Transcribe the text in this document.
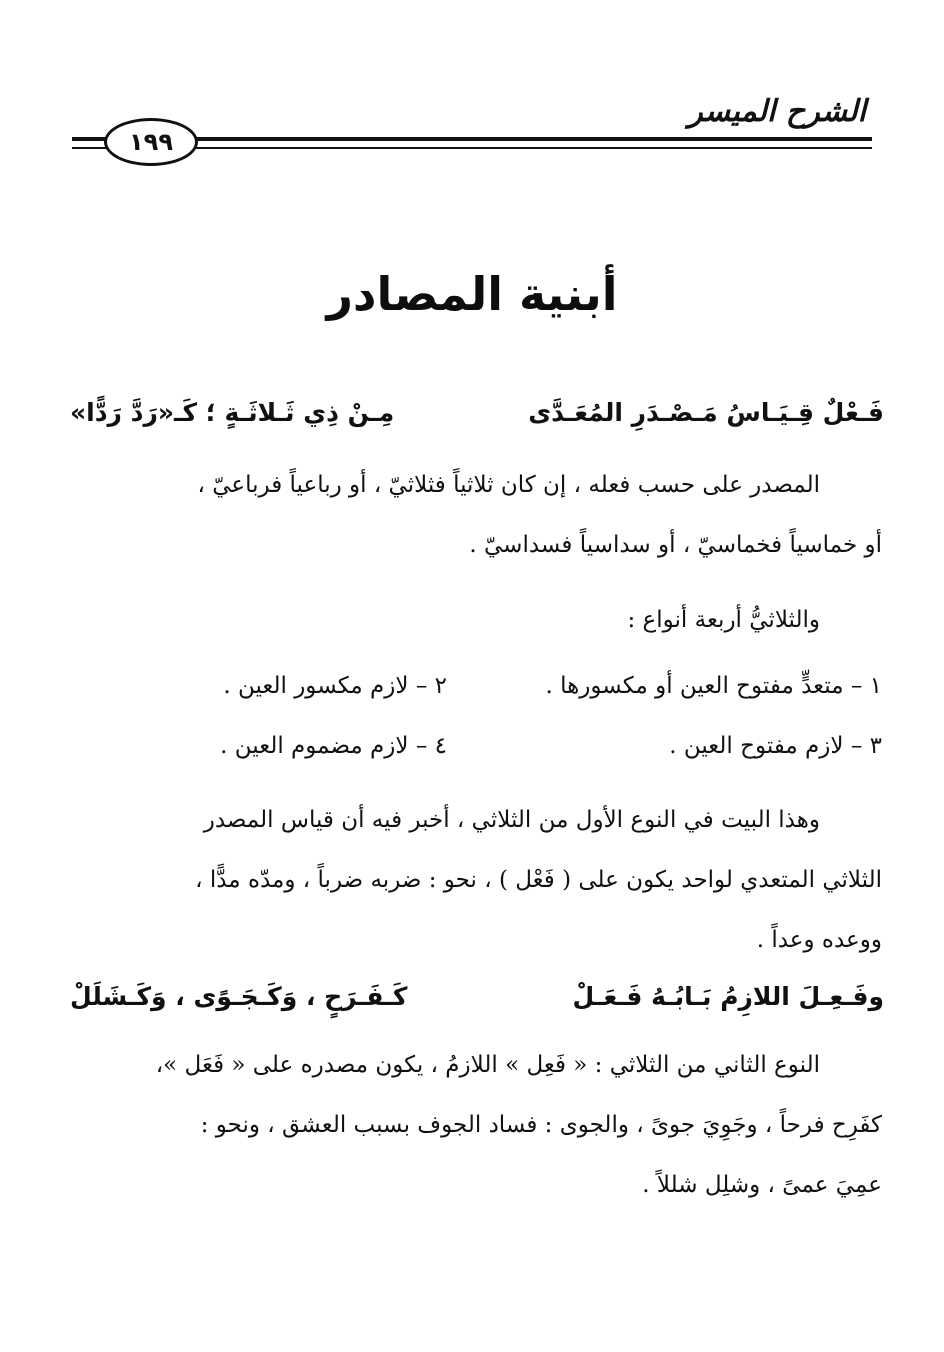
الشرح الميسر
١٩٩
أبنية المصادر
فَـعْلٌ قِـيَـاسُ مَـصْـدَرِ المُعَـدَّى
مِـنْ ذِي ثَـلاثَـةٍ ؛ كَـ«رَدَّ رَدًّا»
المصدر على حسب فعله ، إن كان ثلاثياً فثلاثيّ ، أو رباعياً فرباعيّ ،
أو خماسياً فخماسيّ ، أو سداسياً فسداسيّ .
والثلاثيُّ أربعة أنواع :
١ – متعدٍّ مفتوح العين أو مكسورها .
٢ – لازم مكسور العين .
٣ – لازم مفتوح العين .
٤ – لازم مضموم العين .
وهذا البيت في النوع الأول من الثلاثي ، أخبر فيه أن قياس المصدر
الثلاثي المتعدي لواحد يكون على ( فَعْل ) ، نحو : ضربه ضرباً ، ومدّه مدًّا ،
ووعده وعداً .
وفَـعِـلَ اللازِمُ بَـابُـهُ فَـعَـلْ
كَـفَـرَحٍ ، وَكَـجَـوًى ، وَكَـشَلَلْ
النوع الثاني من الثلاثي : « فَعِل » اللازمُ ، يكون مصدره على « فَعَل »،
كفَرِح فرحاً ، وجَوِيَ جوىً ، والجوى : فساد الجوف بسبب العشق ، ونحو :
عمِيَ عمىً ، وشلِل شللاً .
